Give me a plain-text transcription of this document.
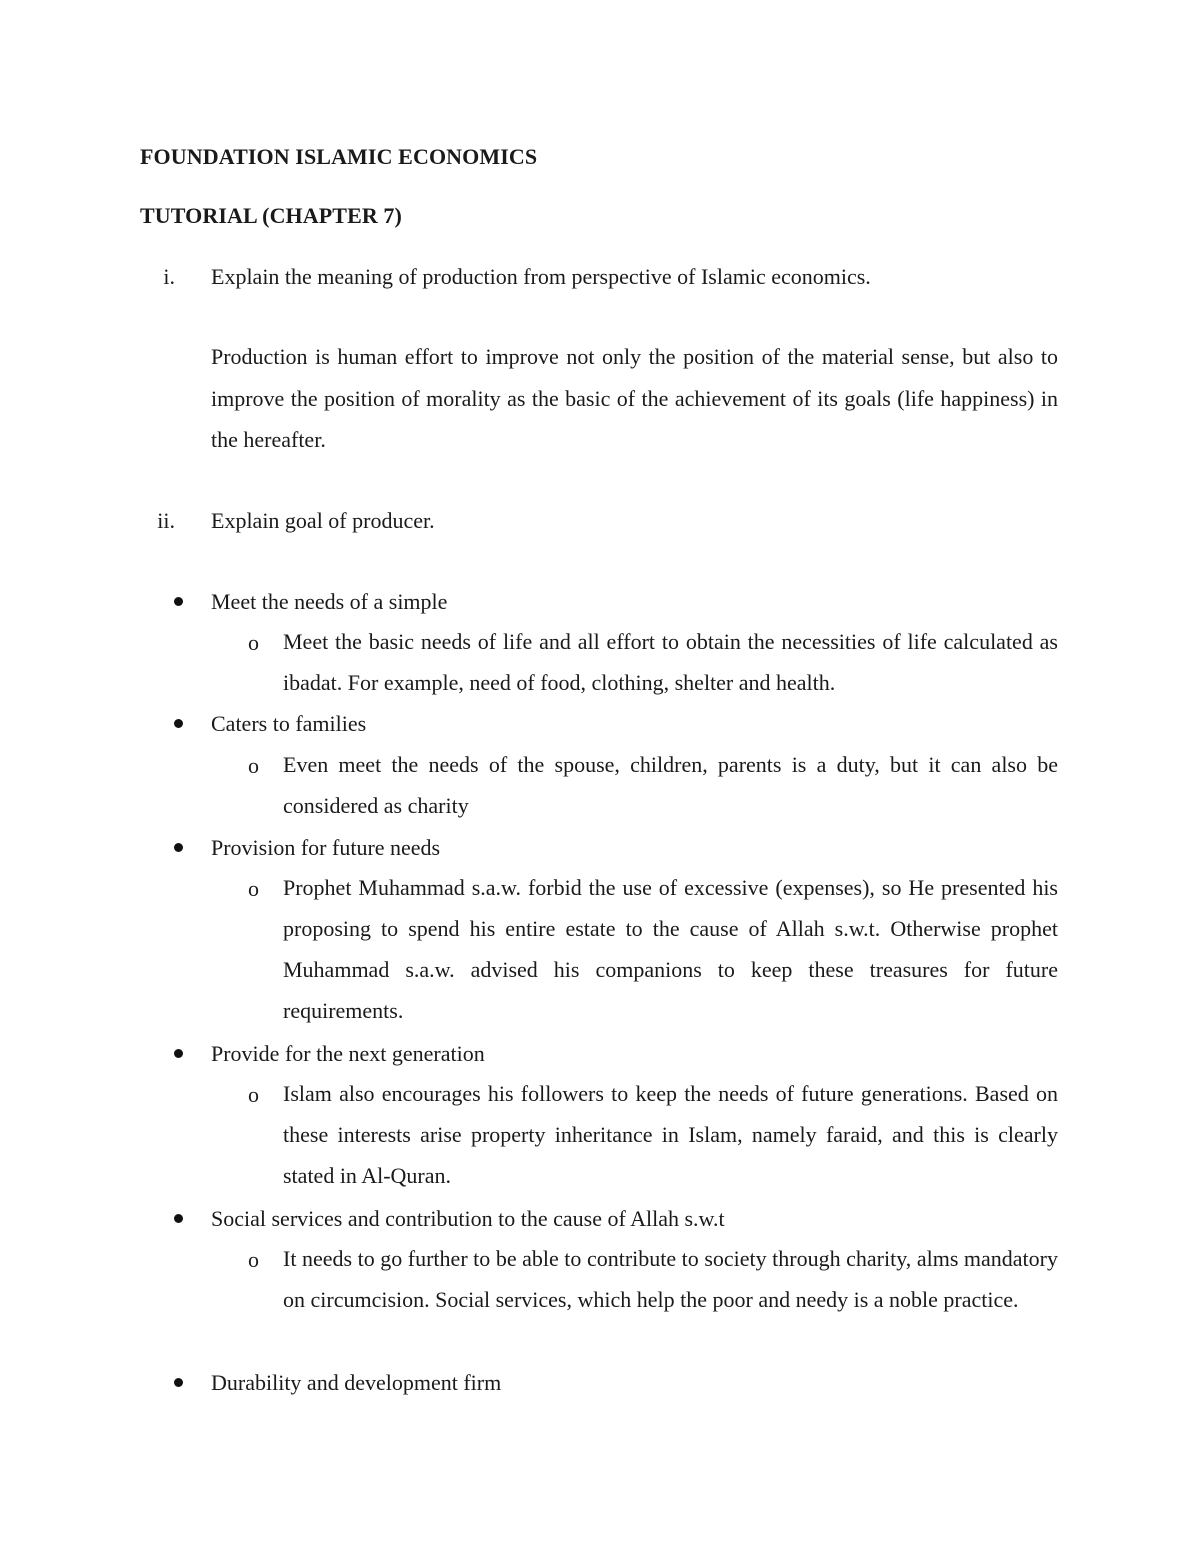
FOUNDATION ISLAMIC ECONOMICS
TUTORIAL (CHAPTER 7)
i. Explain the meaning of production from perspective of Islamic economics.
Production is human effort to improve not only the position of the material sense, but also to improve the position of morality as the basic of the achievement of its goals (life happiness) in the hereafter.
ii. Explain goal of producer.
Meet the needs of a simple
o Meet the basic needs of life and all effort to obtain the necessities of life calculated as ibadat. For example, need of food, clothing, shelter and health.
Caters to families
o Even meet the needs of the spouse, children, parents is a duty, but it can also be considered as charity
Provision for future needs
o Prophet Muhammad s.a.w. forbid the use of excessive (expenses), so He presented his proposing to spend his entire estate to the cause of Allah s.w.t. Otherwise prophet Muhammad s.a.w. advised his companions to keep these treasures for future requirements.
Provide for the next generation
o Islam also encourages his followers to keep the needs of future generations. Based on these interests arise property inheritance in Islam, namely faraid, and this is clearly stated in Al-Quran.
Social services and contribution to the cause of Allah s.w.t
o It needs to go further to be able to contribute to society through charity, alms mandatory on circumcision. Social services, which help the poor and needy is a noble practice.
Durability and development firm
